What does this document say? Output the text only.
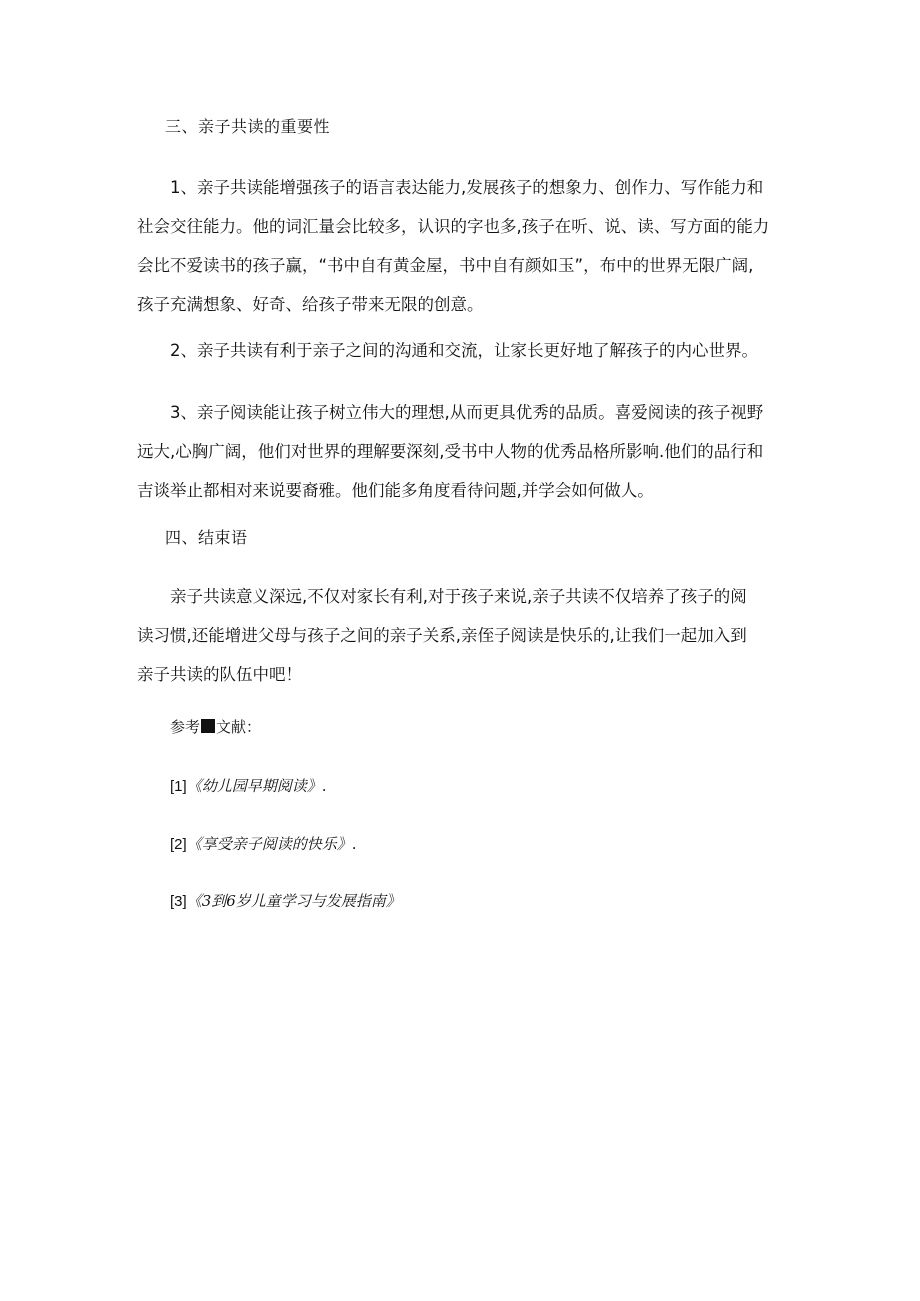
三、亲子共读的重要性
1、亲子共读能增强孩子的语言表达能力,发展孩子的想象力、创作力、写作能力和
社会交往能力。他的词汇量会比较多，认识的字也多,孩子在听、说、读、写方面的能力
会比不爱读书的孩子赢，“书中自有黄金屋，书中自有颜如玉”，布中的世界无限广阔,
孩子充满想象、好奇、给孩子带来无限的创意。
2、亲子共读有利于亲子之间的沟通和交流，让家长更好地了解孩子的内心世界。
3、亲子阅读能让孩子树立伟大的理想,从而更具优秀的品质。喜爱阅读的孩子视野
远大,心胸广阔，他们对世界的理解要深刻,受书中人物的优秀品格所影响.他们的品行和
吉谈举止都相对来说要裔雅。他们能多角度看待问题,并学会如何做人。
四、结束语
亲子共读意义深远,不仅对家长有利,对于孩子来说,亲子共读不仅培养了孩子的阅
读习惯,还能增进父母与孩子之间的亲子关系,亲侄子阅读是快乐的,让我们一起加入到
亲子共读的队伍中吧！
参考 文献：
[1]《幼儿园早期阅读》.
[2]《享受亲子阅读的快乐》.
[3]《3到6岁儿童学习与发展指南》
